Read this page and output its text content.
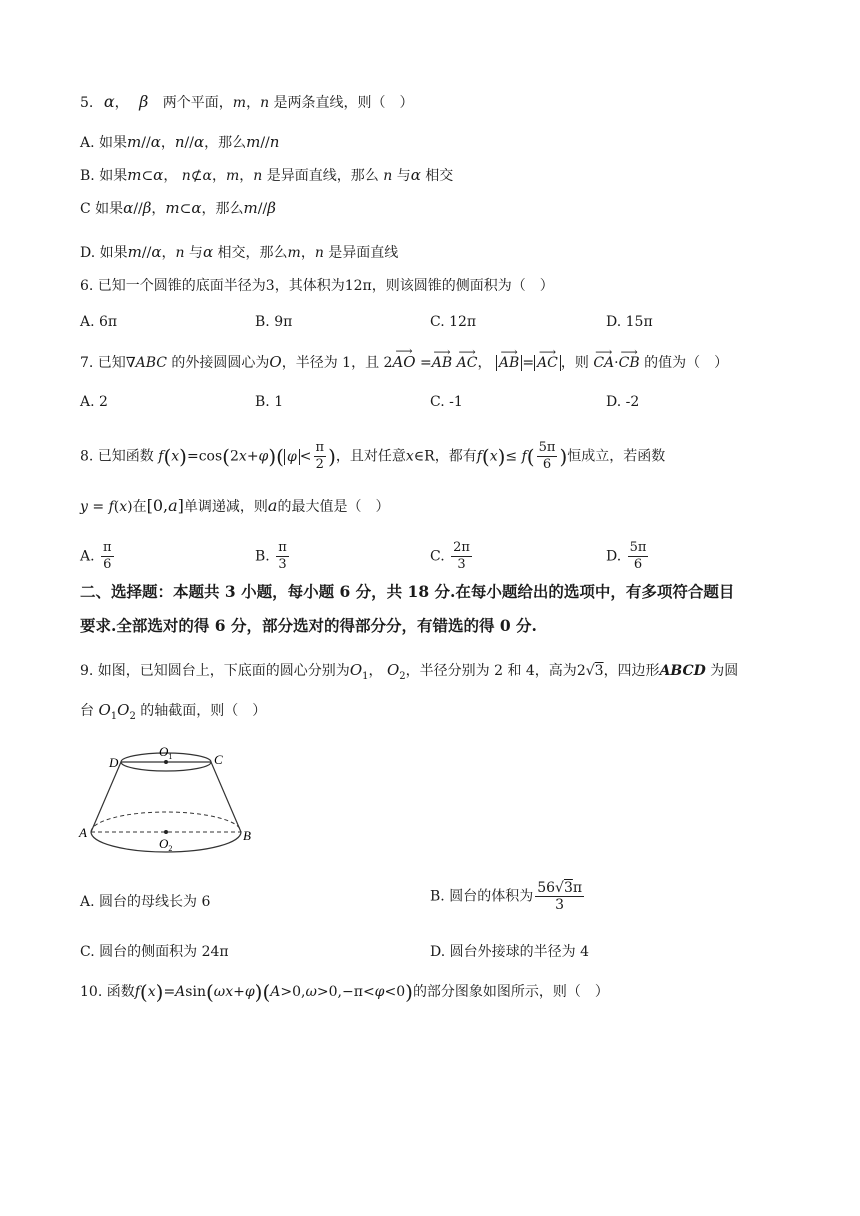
5. α， β 两个平面，m，n 是两条直线，则（　）
A. 如果m//α，n//α，那么m//n
B. 如果m⊂α， n⊄α，m，n 是异面直线，那么 n 与α 相交
C 如果α//β，m⊂α，那么m//β
D. 如果m//α，n 与α 相交，那么m，n 是异面直线
6. 已知一个圆锥的底面半径为3，其体积为12π，则该圆锥的侧面积为（　）
A. 6π	B. 9π	C. 12π	D. 15π
7. 已知∇ABC 的外接圆圆心为O，半径为 1，且 2⟶ AO =⟶ AB ⟶ AC， ⟶ AB = ⟶ AC ，则 ⟶ CA·⟶ CB 的值为（　）
A. 2	B. 1	C. -1	D. -2
8. 已知函数 f(x)=cos(2x+φ)( $\varphi < \frac{\pi}{2}$ )，且对任意x∈R，都有$f(x)\le f( \frac{5\pi}{6}$ )恒成立，若函数
y = f(x)在[0,a]单调递减，则a的最大值是（　）
A. $\frac{\pi}{6}$	B. $\frac{\pi}{3}$	C. $\frac{2\pi}{3}$	D. $\frac{5\pi}{6}$
二、选择题：本题共 3 小题，每小题 6 分，共 18 分.在每小题给出的选项中，有多项符合题目
要求.全部选对的得 6 分，部分选对的得部分分，有错选的得 0 分.
9. 如图，已知圆台上，下底面的圆心分别为$O_1$， $O_2$，半径分别为 2 和 4，高为2√3，四边形ABCD 为圆
台 $O_1O_2$ 的轴截面，则（　）
D	C
A	B
$O_1$
$O_2$
A. 圆台的母线长为 6	B. 圆台的体积为 $\frac{56√3\pi}{3}$
C. 圆台的侧面积为 24π	D. 圆台外接球的半径为 4
10. 函数f(x)=Asin(ωx+φ)(A>0,ω>0,−π<φ<0)的部分图象如图所示，则（　）
